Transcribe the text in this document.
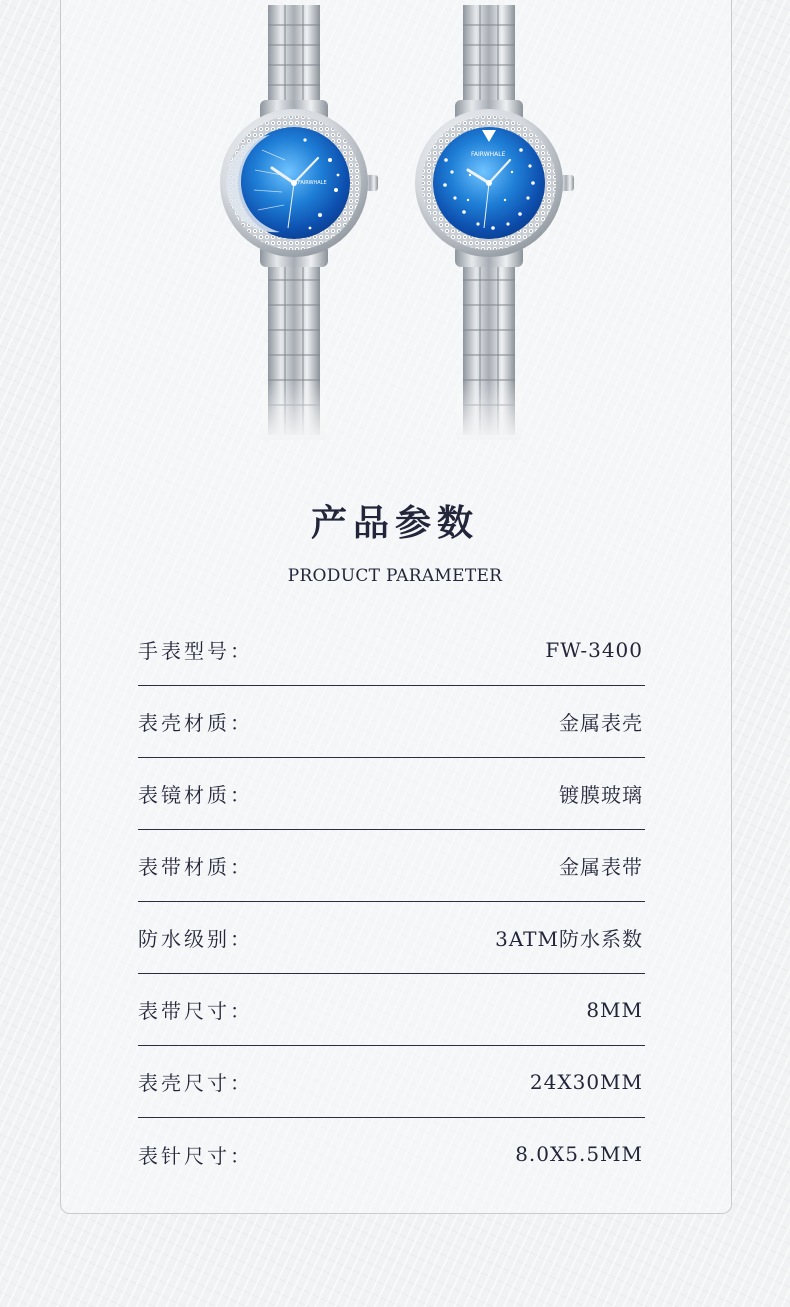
FAIRWHALE
FAIRWHALE
产品参数
PRODUCT PARAMETER
手表型号：	FW-3400
表壳材质：	金属表壳
表镜材质：	镀膜玻璃
表带材质：	金属表带
防水级别：	3ATM防水系数
表带尺寸：	8MM
表壳尺寸：	24X30MM
表针尺寸：	8.0X5.5MM
